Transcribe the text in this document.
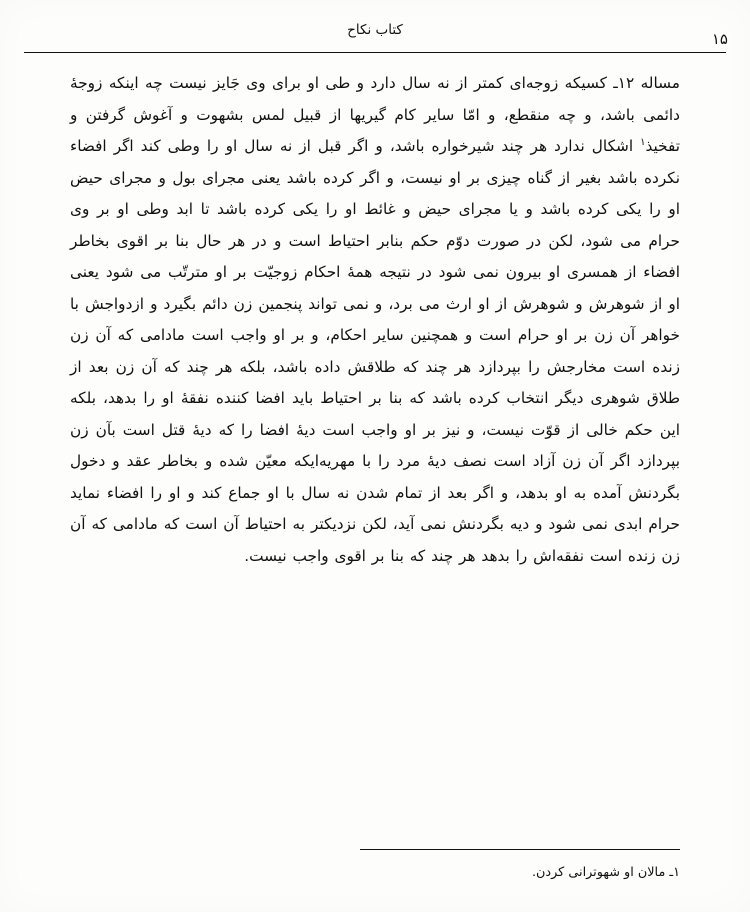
کتاب نکاح	۱۵

مساله ۱۲ـ کسیکه زوجه‌ای کمتر از نه سال دارد و طی او برای وی جَایز نیست چه اینکه زوجهٔ دائمی باشد، و چه منقطع، و امّا سایر کام گیریها از قبیل لمس بشهوت و آغوش گرفتن و تفخیذ$^۱$ اشکال ندارد هر چند شیرخواره باشد، و اگر قبل از نه سال او را وطی کند اگر افضاء نکرده باشد بغیر از گناه چیزی بر او نیست، و اگر کرده باشد یعنی مجرای بول و مجرای حیض او را یکی کرده باشد و یا مجرای حیض و غائط او را یکی کرده باشد تا ابد وطی او بر وی حرام می شود، لکن در صورت دوّم حکم بنابر احتیاط است و در هر حال بنا بر اقوی بخاطر افضاء از همسری او بیرون نمی شود در نتیجه همهٔ احکام زوجیّت بر او مترتّب می شود یعنی او از شوهرش و شوهرش از او ارث می برد، و نمی تواند پنجمین زن دائم بگیرد و ازدواجش با خواهر آن زن بر او حرام است و همچنین سایر احکام، و بر او واجب است مادامی که آن زن زنده است مخارجش را بپردازد هر چند که طلاقش داده باشد، بلکه هر چند که آن زن بعد از طلاق شوهری دیگر انتخاب کرده باشد که بنا بر احتیاط باید افضا کننده نفقهٔ او را بدهد، بلکه این حکم خالی از قوّت نیست، و نیز بر او واجب است دیهٔ افضا را که دیهٔ قتل است بآن زن بپردازد اگر آن زن آزاد است نصف دیهٔ مرد را با مهریه‌ایکه معیّن شده و بخاطر عقد و دخول بگردنش آمده به او بدهد، و اگر بعد از تمام شدن نه سال با او جماع کند و او را افضاء نماید حرام ابدی نمی شود و دیه بگردنش نمی آید، لکن نزدیکتر به احتیاط آن است که مادامی که آن زن زنده است نفقه‌اش را بدهد هر چند که بنا بر اقوی واجب نیست.

۱ـ مالان او شهوترانی کردن.
